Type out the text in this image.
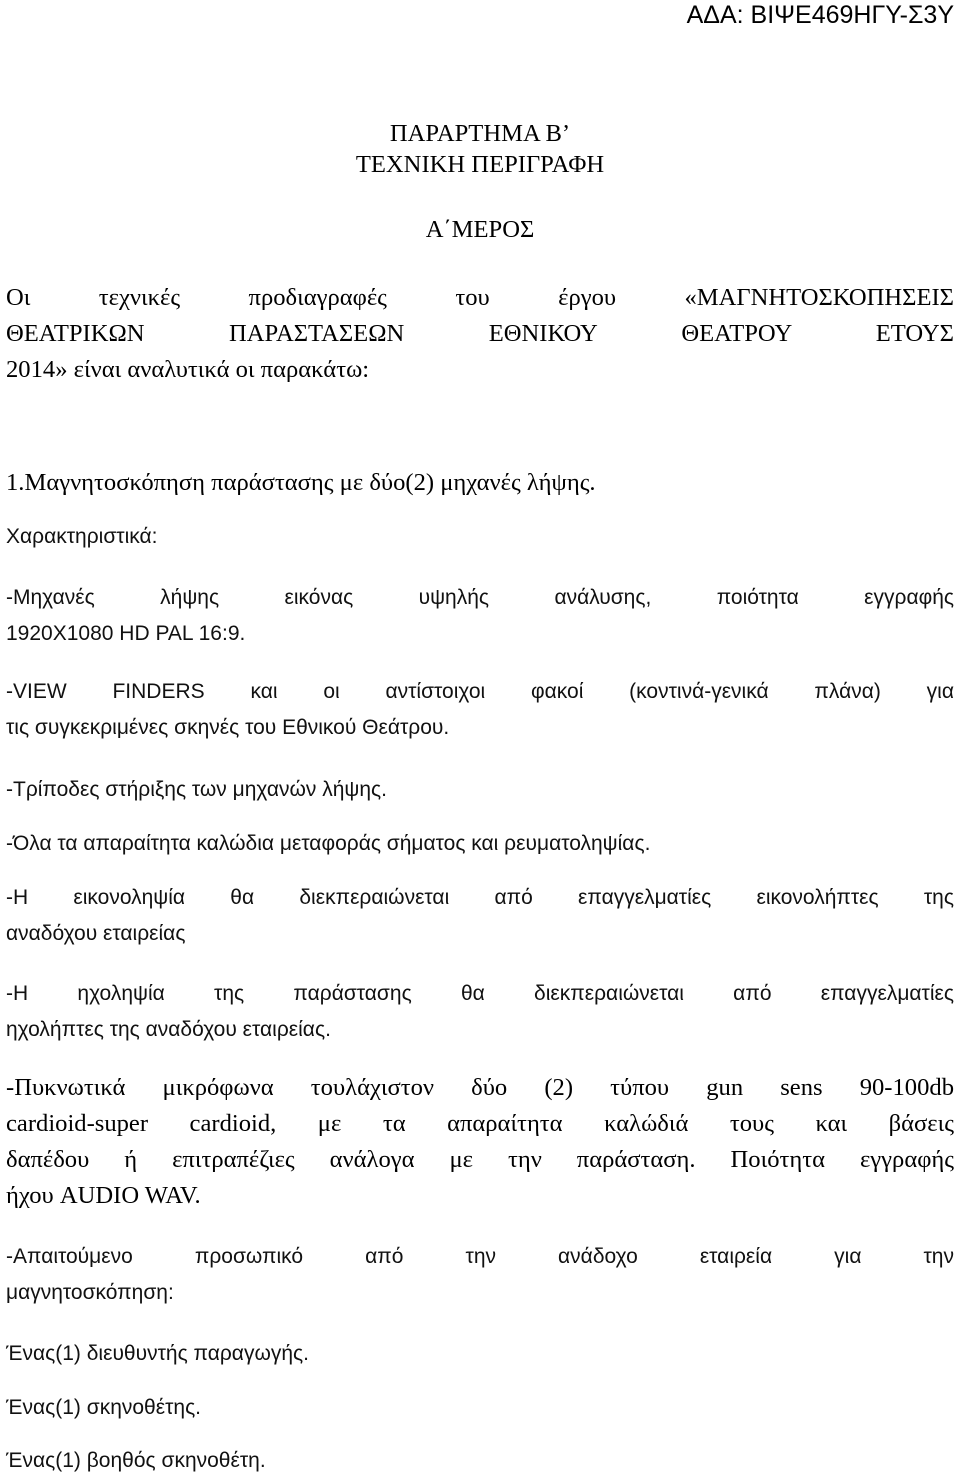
ΑΔΑ: ΒΙΨΕ469ΗΓΥ-Σ3Υ
ΠΑΡΑΡΤΗΜΑ Β’
ΤΕΧΝΙΚΗ ΠΕΡΙΓΡΑΦΗ
Α΄ΜΕΡΟΣ
Οι τεχνικές προδιαγραφές του έργου «ΜΑΓΝΗΤΟΣΚΟΠΗΣΕΙΣ
ΘΕΑΤΡΙΚΩΝ ΠΑΡΑΣΤΑΣΕΩΝ ΕΘΝΙΚΟΥ ΘΕΑΤΡΟΥ ΕΤΟΥΣ
2014» είναι αναλυτικά οι παρακάτω:
1.Μαγνητοσκόπηση παράστασης με δύο(2) μηχανές λήψης.
Χαρακτηριστικά:
-Μηχανές λήψης εικόνας υψηλής ανάλυσης, ποιότητα εγγραφής
1920X1080 HD PAL 16:9.
-VIEW FINDERS και οι αντίστοιχοι φακοί (κοντινά-γενικά πλάνα) για
τις συγκεκριμένες σκηνές του Εθνικού Θεάτρου.
-Τρίποδες στήριξης των μηχανών λήψης.
-Όλα τα απαραίτητα καλώδια μεταφοράς σήματος και ρευματοληψίας.
-Η εικονοληψία θα διεκπεραιώνεται από επαγγελματίες εικονολήπτες της
αναδόχου εταιρείας
-Η ηχοληψία της παράστασης θα διεκπεραιώνεται από επαγγελματίες
ηχολήπτες της αναδόχου εταιρείας.
-Πυκνωτικά μικρόφωνα τουλάχιστον δύο (2) τύπου gun sens 90-100db
cardioid-super cardioid, με τα απαραίτητα καλώδιά τους και βάσεις
δαπέδου ή επιτραπέζιες ανάλογα με την παράσταση. Ποιότητα εγγραφής
ήχου AUDIO WAV.
-Απαιτούμενο προσωπικό από την ανάδοχο εταιρεία για την
μαγνητοσκόπηση:
Ένας(1) διευθυντής παραγωγής.
Ένας(1) σκηνοθέτης.
Ένας(1) βοηθός σκηνοθέτη.
